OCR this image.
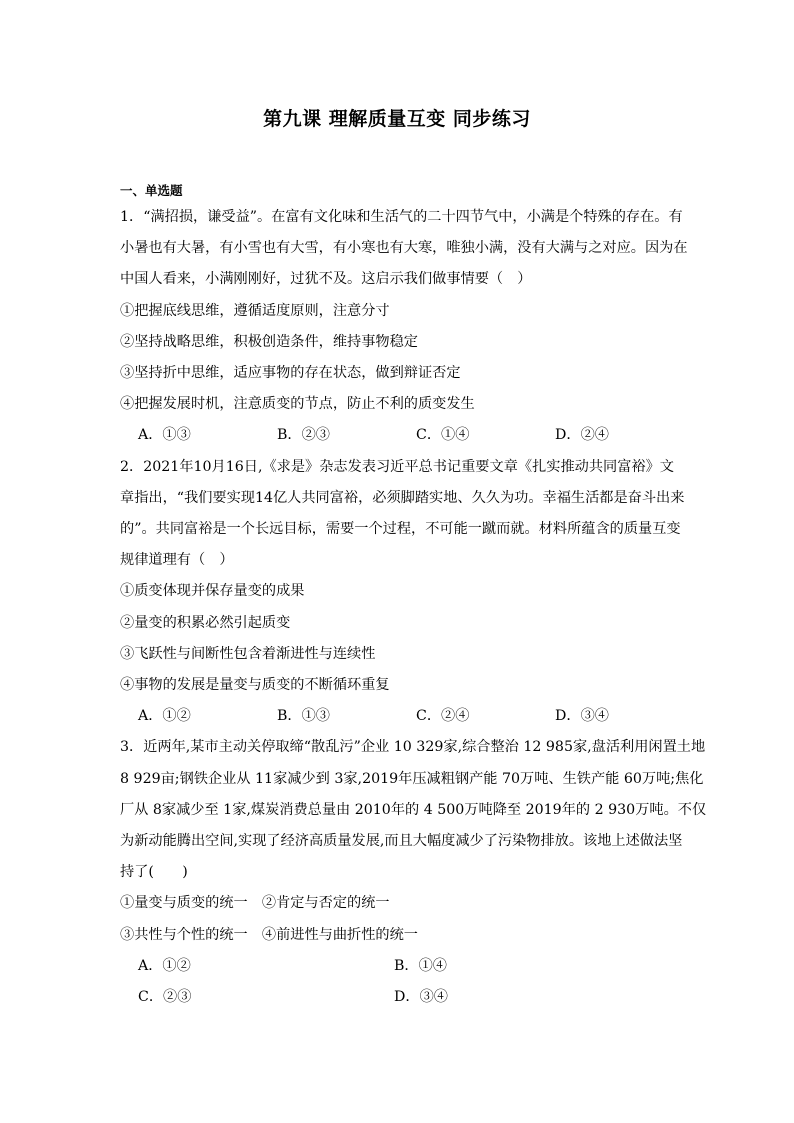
第九课 理解质量互变 同步练习
一、单选题
1．“满招损，谦受益”。在富有文化味和生活气的二十四节气中，小满是个特殊的存在。有
小暑也有大暑，有小雪也有大雪，有小寒也有大寒，唯独小满，没有大满与之对应。因为在
中国人看来，小满刚刚好，过犹不及。这启示我们做事情要（　）
①把握底线思维，遵循适度原则，注意分寸
②坚持战略思维，积极创造条件，维持事物稳定
③坚持折中思维，适应事物的存在状态，做到辩证否定
④把握发展时机，注意质变的节点，防止不利的质变发生
A．①③	B．②③	C．①④	D．②④
2．2021年10月16日,《求是》杂志发表习近平总书记重要文章《扎实推动共同富裕》文
章指出，“我们要实现14亿人共同富裕，必须脚踏实地、久久为功。幸福生活都是奋斗出来
的”。共同富裕是一个长远目标，需要一个过程，不可能一蹴而就。材料所蕴含的质量互变
规律道理有（　）
①质变体现并保存量变的成果
②量变的积累必然引起质变
③飞跃性与间断性包含着渐进性与连续性
④事物的发展是量变与质变的不断循环重复
A．①②	B．①③	C．②④	D．③④
3．近两年,某市主动关停取缔“散乱污”企业 10 329家,综合整治 12 985家,盘活利用闲置土地
8 929亩;钢铁企业从 11家减少到 3家,2019年压减粗钢产能 70万吨、生铁产能 60万吨;焦化
厂从 8家减少至 1家,煤炭消费总量由 2010年的 4 500万吨降至 2019年的 2 930万吨。不仅
为新动能腾出空间,实现了经济高质量发展,而且大幅度减少了污染物排放。该地上述做法坚
持了(　　)
①量变与质变的统一　②肯定与否定的统一
③共性与个性的统一　④前进性与曲折性的统一
A．①②	B．①④
C．②③	D．③④
